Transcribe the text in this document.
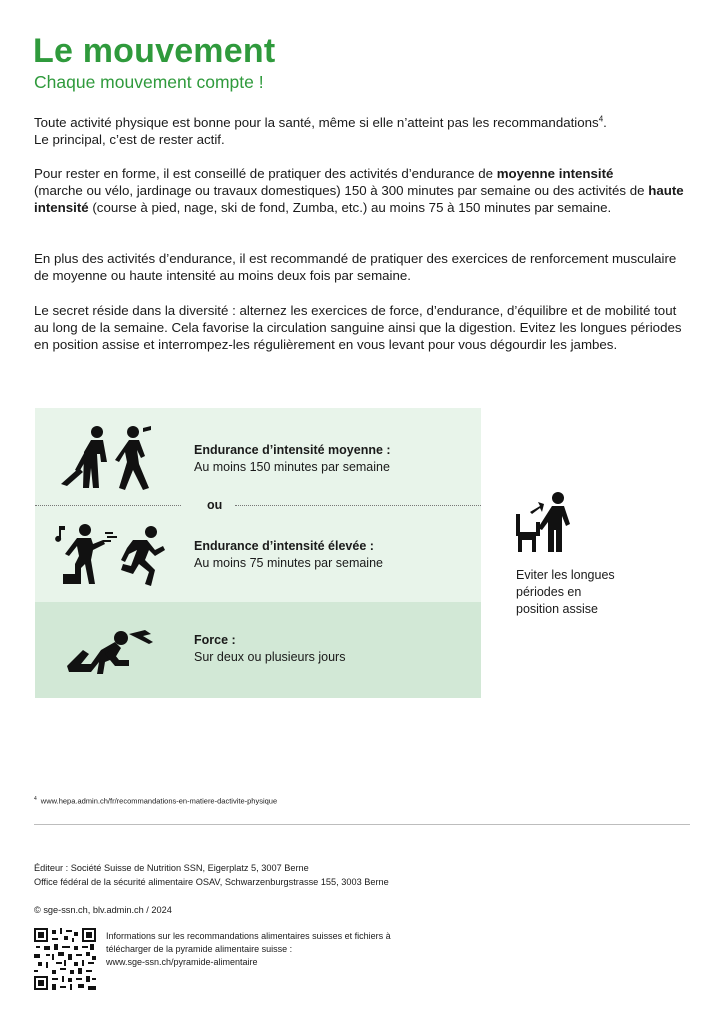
Le mouvement

Chaque mouvement compte !

Toute activité physique est bonne pour la santé, même si elle n’atteint pas les recommandations$^4$.
Le principal, c’est de rester actif.

Pour rester en forme, il est conseillé de pratiquer des activités d’endurance de moyenne intensité
(marche ou vélo, jardinage ou travaux domestiques) 150 à 300 minutes par semaine ou des activités de haute intensité (course à pied, nage, ski de fond, Zumba, etc.) au moins 75 à 150 minutes par semaine.

En plus des activités d’endurance, il est recommandé de pratiquer des exercices de renforcement musculaire de moyenne ou haute intensité au moins deux fois par semaine.

Le secret réside dans la diversité : alternez les exercices de force, d’endurance, d’équilibre et de mobilité tout au long de la semaine. Cela favorise la circulation sanguine ainsi que la digestion. Evitez les longues périodes en position assise et interrompez-les régulièrement en vous levant pour vous dégourdir les jambes.

ou
Endurance d’intensité moyenne :
Au moins 150 minutes par semaine
Endurance d’intensité élevée :
Au moins 75 minutes par semaine
Force :
Sur deux ou plusieurs jours
Eviter les longues
périodes en
position assise
$^4$ www.hepa.admin.ch/fr/recommandations-en-matiere-dactivite-physique
Éditeur : Société Suisse de Nutrition SSN, Eigerplatz 5, 3007 Berne
Office fédéral de la sécurité alimentaire OSAV, Schwarzenburgstrasse 155, 3003 Berne
© sge-ssn.ch, blv.admin.ch / 2024
Informations sur les recommandations alimentaires suisses et fichiers à
télécharger de la pyramide alimentaire suisse :
www.sge-ssn.ch/pyramide-alimentaire
